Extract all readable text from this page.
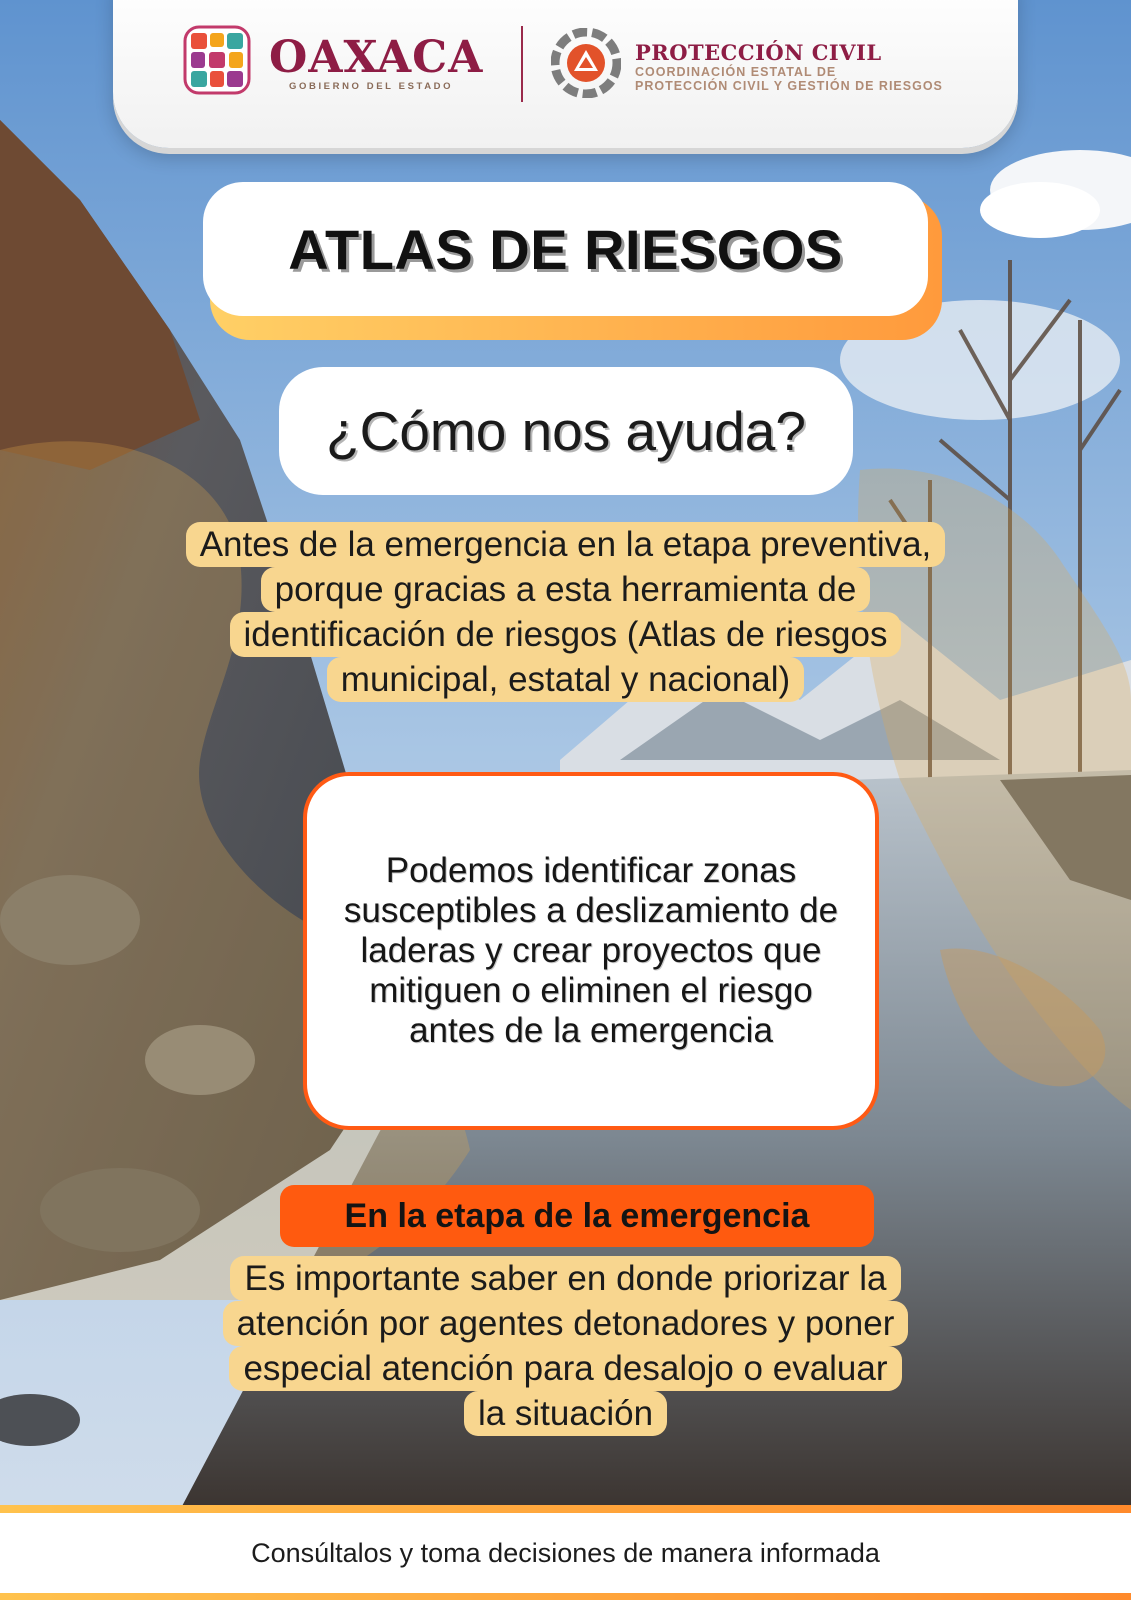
OAXACA
GOBIERNO DEL ESTADO
PROTECCIÓN CIVIL
COORDINACIÓN ESTATAL DE
PROTECCIÓN CIVIL Y GESTIÓN DE RIESGOS
ATLAS DE RIESGOS
¿Cómo nos ayuda?
Antes de la emergencia en la etapa preventiva,
porque gracias a esta herramienta de
identificación de riesgos (Atlas de riesgos
municipal, estatal y nacional)
Podemos identificar zonas susceptibles a deslizamiento de laderas y crear proyectos que mitiguen o eliminen el riesgo antes de la emergencia
En la etapa de la emergencia
Es importante saber en donde priorizar la
atención por agentes detonadores y poner
especial atención para desalojo o evaluar
la situación
Consúltalos y toma decisiones de manera informada
